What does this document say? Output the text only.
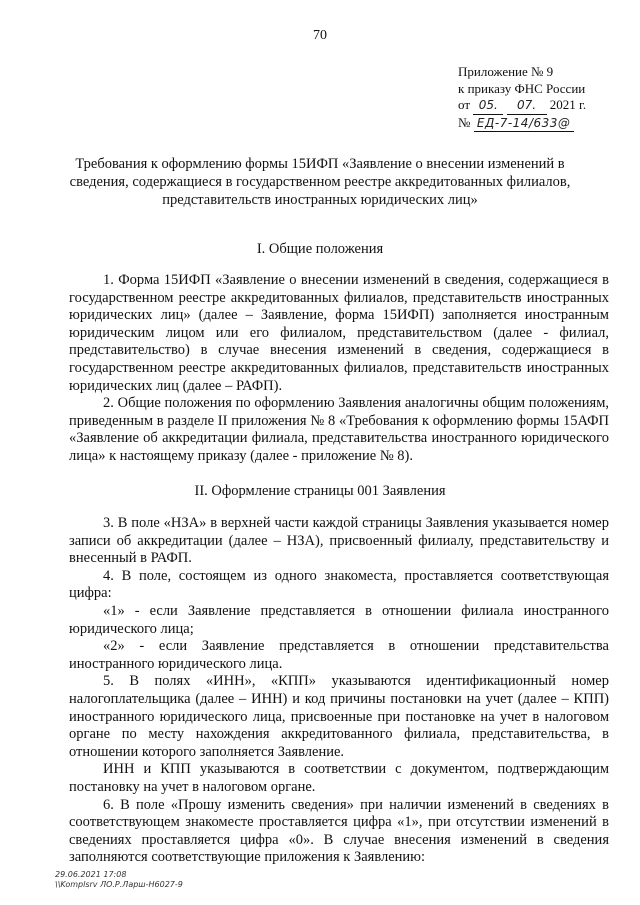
70
Приложение № 9
к приказу ФНС России
от 05. 07. 2021 г.
№ ЕД-7-14/633@
Требования к оформлению формы 15ИФП «Заявление о внесении изменений в сведения, содержащиеся в государственном реестре аккредитованных филиалов, представительств иностранных юридических лиц»
I. Общие положения

1. Форма 15ИФП «Заявление о внесении изменений в сведения, содержащиеся в государственном реестре аккредитованных филиалов, представительств иностранных юридических лиц» (далее – Заявление, форма 15ИФП) заполняется иностранным юридическим лицом или его филиалом, представительством (далее - филиал, представительство) в случае внесения изменений в сведения, содержащиеся в государственном реестре аккредитованных филиалов, представительств иностранных юридических лиц (далее – РАФП).

2. Общие положения по оформлению Заявления аналогичны общим положениям, приведенным в разделе II приложения № 8 «Требования к оформлению формы 15АФП «Заявление об аккредитации филиала, представительства иностранного юридического лица» к настоящему приказу (далее - приложение № 8).

II. Оформление страницы 001 Заявления

3. В поле «НЗА» в верхней части каждой страницы Заявления указывается номер записи об аккредитации (далее – НЗА), присвоенный филиалу, представительству и внесенный в РАФП.

4. В поле, состоящем из одного знакоместа, проставляется соответствующая цифра:

«1» - если Заявление представляется в отношении филиала иностранного юридического лица;

«2» - если Заявление представляется в отношении представительства иностранного юридического лица.

5. В полях «ИНН», «КПП» указываются идентификационный номер налогоплательщика (далее – ИНН) и код причины постановки на учет (далее – КПП) иностранного юридического лица, присвоенные при постановке на учет в налоговом органе по месту нахождения аккредитованного филиала, представительства, в отношении которого заполняется Заявление.

ИНН и КПП указываются в соответствии с документом, подтверждающим постановку на учет в налоговом органе.

6. В поле «Прошу изменить сведения» при наличии изменений в сведениях в соответствующем знакоместе проставляется цифра «1», при отсутствии изменений в сведениях проставляется цифра «0». В случае внесения изменений в сведения заполняются соответствующие приложения к Заявлению:

29.06.2021 17:08
\\Komplsrv ЛО.Р.Ларш-Н6027-9
